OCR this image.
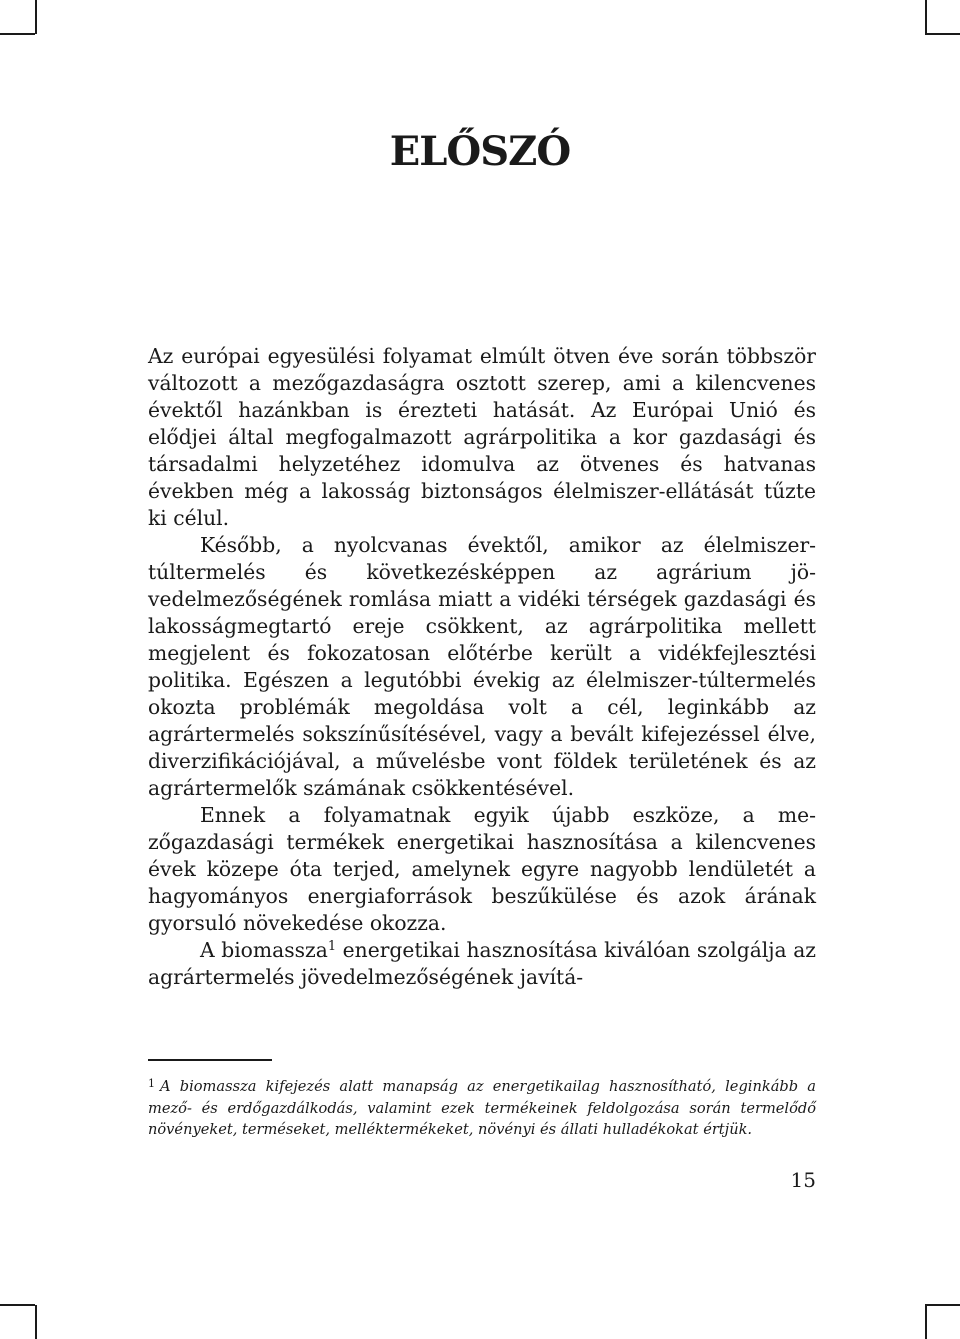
ELŐSZÓ

Az európai egyesülési folyamat elmúlt ötven éve során többször változott a mezőgazdaságra osztott szerep, ami a kilencvenes évektől hazánkban is érezteti hatását. Az Európai Unió és elődjei által megfogalmazott agrárpolitika a kor gazdasági és társadalmi helyzetéhez idomulva az ötvenes és hatvanas években még a lakosság biztonságos élelmiszer-ellátását tűzte ki célul.

Később, a nyolcvanas évektől, amikor az élelmiszer-túltermelés és következésképpen az agrárium jövedelmezőségének romlása miatt a vidéki térségek gazdasági és lakosságmegtartó ereje csökkent, az agrárpolitika mellett megjelent és fokozatosan előtérbe került a vidékfejlesztési politika. Egészen a legutóbbi évekig az élelmiszer-túltermelés okozta problémák megoldása volt a cél, leginkább az agrártermelés sokszínűsítésével, vagy a bevált kifejezéssel élve, diverzifikációjával, a művelésbe vont földek területének és az agrártermelők számának csökkentésével.

Ennek a folyamatnak egyik újabb eszköze, a mezőgazdasági termékek energetikai hasznosítása a kilencvenes évek közepe óta terjed, amelynek egyre nagyobb lendületét a hagyományos energiaforrások beszűkülése és azok árának gyorsuló növekedése okozza.

A biomassza$^1$ energetikai hasznosítása kiválóan szolgálja az agrártermelés jövedelmezőségének javítá-

$^1$ A biomassza kifejezés alatt manapság az energetikailag hasznosítható, leginkább a mező- és erdőgazdálkodás, valamint ezek termékeinek feldolgozása során termelődő növényeket, terméseket, melléktermékeket, növényi és állati hulladékokat értjük.

15
